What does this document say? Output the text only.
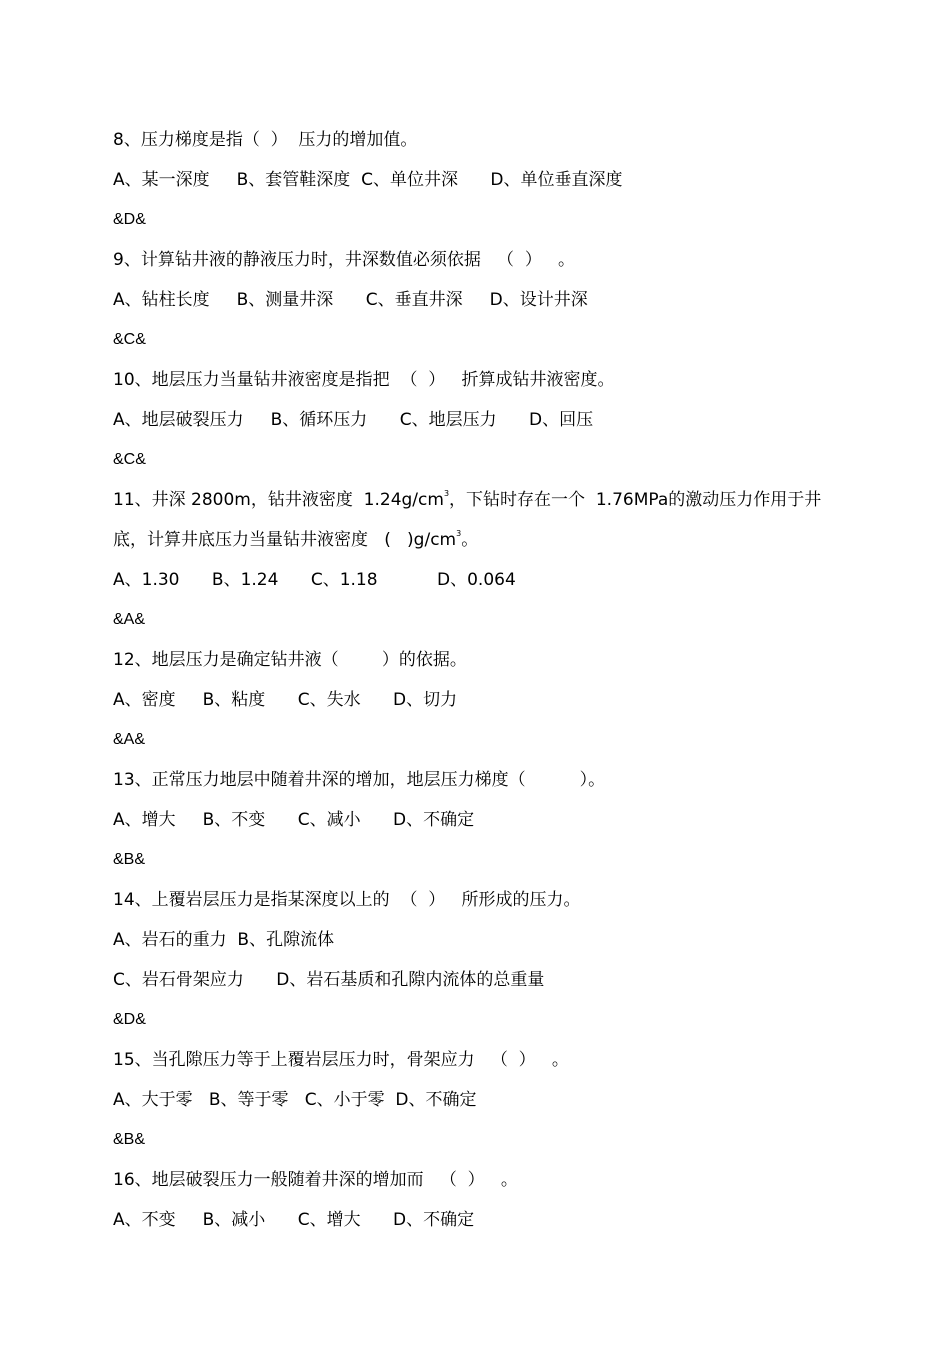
8、压力梯度是指（  ）  压力的增加值。
A、某一深度     B、套管鞋深度  C、单位井深      D、单位垂直深度
&D&
9、计算钻井液的静液压力时，井深数值必须依据   （  ）   。
A、钻柱长度     B、测量井深      C、垂直井深     D、设计井深
&C&
10、地层压力当量钻井液密度是指把  （  ）   折算成钻井液密度。
A、地层破裂压力     B、循环压力      C、地层压力      D、回压
&C&
11、井深 2800m，钻井液密度  $1.24g/cm^3$，下钻时存在一个  1.76MPa的激动压力作用于井
底，计算井底压力当量钻井液密度   (   )$g/cm^3$。
A、1.30      B、1.24      C、1.18           D、0.064
&A&
12、地层压力是确定钻井液（        ）的依据。
A、密度     B、粘度      C、失水      D、切力
&A&
13、正常压力地层中随着井深的增加，地层压力梯度（          ）。
A、增大     B、不变      C、减小      D、不确定
&B&
14、上覆岩层压力是指某深度以上的  （  ）   所形成的压力。
A、岩石的重力  B、孔隙流体
C、岩石骨架应力      D、岩石基质和孔隙内流体的总重量
&D&
15、当孔隙压力等于上覆岩层压力时，骨架应力   （  ）   。
A、大于零   B、等于零   C、小于零  D、不确定
&B&
16、地层破裂压力一般随着井深的增加而   （  ）   。
A、不变     B、减小      C、增大      D、不确定
